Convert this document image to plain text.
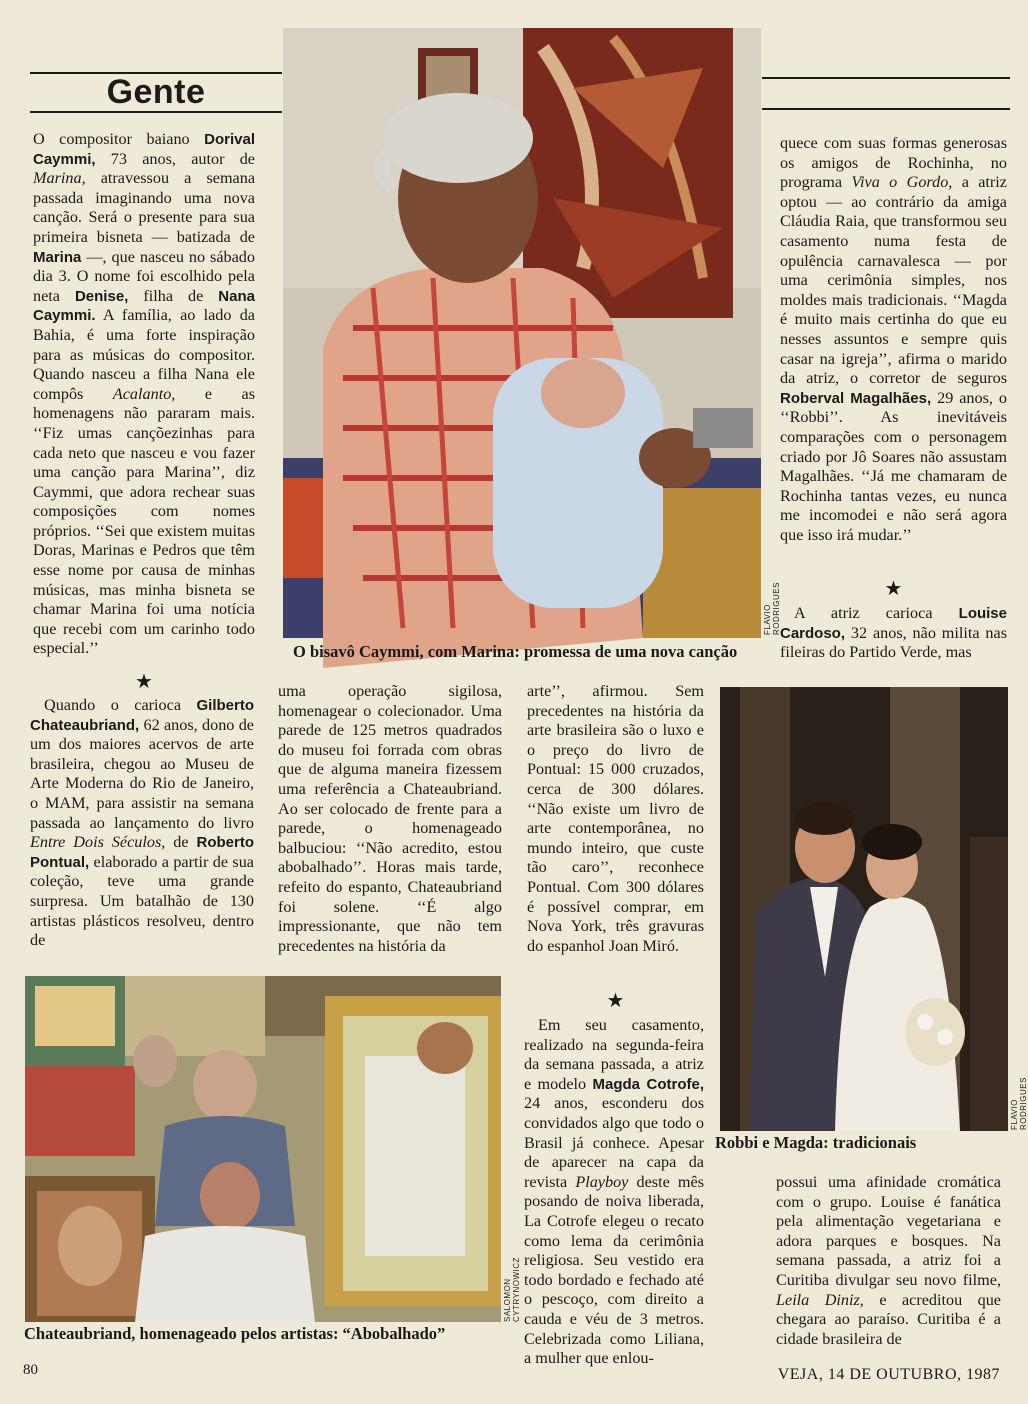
Gente
FLAVIO RODRIGUES
O bisavô Caymmi, com Marina: promessa de uma nova canção

O compositor baiano Dorival Caymmi, 73 anos, autor de Marina, atravessou a semana passada imaginando uma nova canção. Será o presente para sua primeira bisneta — batizada de Marina —, que nasceu no sábado dia 3. O nome foi escolhido pela neta Denise, filha de Nana Caymmi. A família, ao lado da Bahia, é uma forte inspiração para as músicas do compositor. Quando nasceu a filha Nana ele compôs Acalanto, e as homenagens não pararam mais. ‘‘Fiz umas cançõezinhas para cada neto que nasceu e vou fazer uma canção para Marina’’, diz Caymmi, que adora rechear suas composições com nomes próprios. ‘‘Sei que existem muitas Doras, Marinas e Pedros que têm esse nome por causa de minhas músicas, mas minha bisneta se chamar Marina foi uma notícia que recebi com um carinho todo especial.’’

★

Quando o carioca Gilberto Chateaubriand, 62 anos, dono de um dos maiores acervos de arte brasileira, chegou ao Museu de Arte Moderna do Rio de Janeiro, o MAM, para assistir na semana passada ao lançamento do livro Entre Dois Séculos, de Roberto Pontual, elaborado a partir de sua coleção, teve uma grande surpresa. Um batalhão de 130 artistas plásticos resolveu, dentro de

uma operação sigilosa, homenagear o colecionador. Uma parede de 125 metros quadrados do museu foi forrada com obras que de alguma maneira fizessem uma referência a Chateaubriand. Ao ser colocado de frente para a parede, o homenageado balbuciou: ‘‘Não acredito, estou abobalhado’’. Horas mais tarde, refeito do espanto, Chateaubriand foi solene. ‘‘É algo impressionante, que não tem precedentes na história da

arte’’, afirmou. Sem precedentes na história da arte brasileira são o luxo e o preço do livro de Pontual: 15 000 cruzados, cerca de 300 dólares. ‘‘Não existe um livro de arte contemporânea, no mundo inteiro, que custe tão caro’’, reconhece Pontual. Com 300 dólares é possível comprar, em Nova York, três gravuras do espanhol Joan Miró.

★

Em seu casamento, realizado na segunda-feira da semana passada, a atriz e modelo Magda Cotrofe, 24 anos, esconderu dos convidados algo que todo o Brasil já conhece. Apesar de aparecer na capa da revista Playboy deste mês posando de noiva liberada, La Cotrofe elegeu o recato como lema da cerimônia religiosa. Seu vestido era todo bordado e fechado até o pescoço, com direito a cauda e véu de 3 metros. Celebrizada como Liliana, a mulher que enlou-

quece com suas formas generosas os amigos de Rochinha, no programa Viva o Gordo, a atriz optou — ao contrário da amiga Cláudia Raia, que transformou seu casamento numa festa de opulência carnavalesca — por uma cerimônia simples, nos moldes mais tradicionais. ‘‘Magda é muito mais certinha do que eu nesses assuntos e sempre quis casar na igreja’’, afirma o marido da atriz, o corretor de seguros Roberval Magalhães, 29 anos, o ‘‘Robbi’’. As inevitáveis comparações com o personagem criado por Jô Soares não assustam Magalhães. ‘‘Já me chamaram de Rochinha tantas vezes, eu nunca me incomodei e não será agora que isso irá mudar.’’

★

A atriz carioca Louise Cardoso, 32 anos, não milita nas fileiras do Partido Verde, mas

possui uma afinidade cromática com o grupo. Louise é fanática pela alimentação vegetariana e adora parques e bosques. Na semana passada, a atriz foi a Curitiba divulgar seu novo filme, Leila Diniz, e acreditou que chegara ao paraíso. Curitiba é a cidade brasileira de

SALOMON CYTRYNOWICZ
Chateaubriand, homenageado pelos artistas: “Abobalhado”
FLAVIO RODRIGUES
Robbi e Magda: tradicionais
80	VEJA, 14 DE OUTUBRO, 1987
